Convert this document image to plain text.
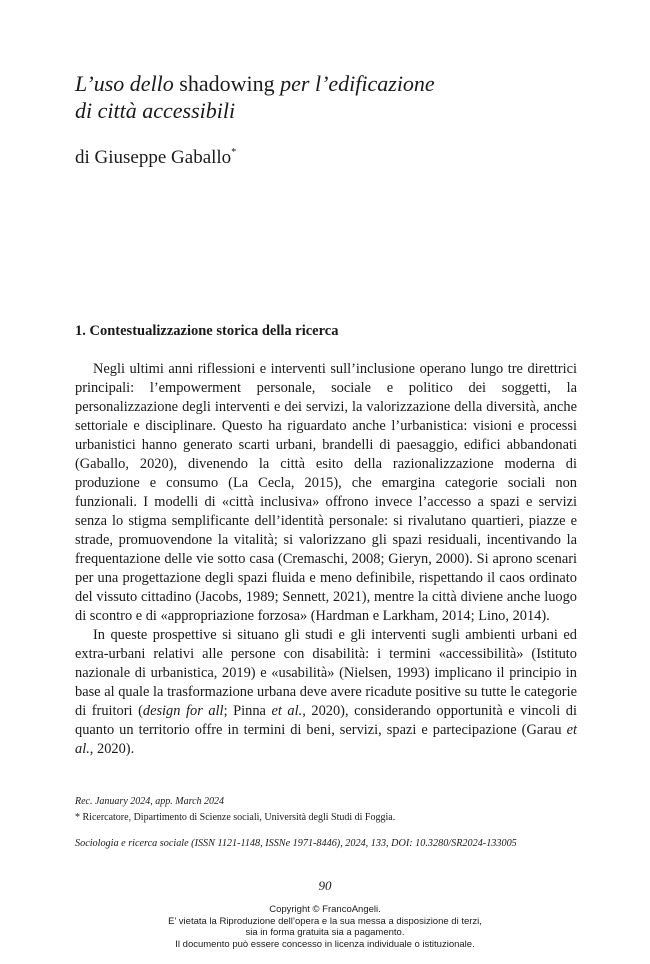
L’uso dello shadowing per l’edificazione
di città accessibili
di Giuseppe Gaballo*
1. Contestualizzazione storica della ricerca

Negli ultimi anni riflessioni e interventi sull’inclusione operano lungo tre direttrici principali: l’empowerment personale, sociale e politico dei soggetti, la personalizzazione degli interventi e dei servizi, la valorizzazione della diversità, anche settoriale e disciplinare. Questo ha riguardato anche l’urbanistica: visioni e processi urbanistici hanno generato scarti urbani, brandelli di paesaggio, edifici abbandonati (Gaballo, 2020), divenendo la città esito della razionalizzazione moderna di produzione e consumo (La Cecla, 2015), che emargina categorie sociali non funzionali. I modelli di «città inclusiva» offrono invece l’accesso a spazi e servizi senza lo stigma semplificante dell’identità personale: si rivalutano quartieri, piazze e strade, promuovendone la vitalità; si valorizzano gli spazi residuali, incentivando la frequentazione delle vie sotto casa (Cremaschi, 2008; Gieryn, 2000). Si aprono scenari per una progettazione degli spazi fluida e meno definibile, rispettando il caos ordinato del vissuto cittadino (Jacobs, 1989; Sennett, 2021), mentre la città diviene anche luogo di scontro e di «appropriazione forzosa» (Hardman e Larkham, 2014; Lino, 2014).

In queste prospettive si situano gli studi e gli interventi sugli ambienti urbani ed extra-urbani relativi alle persone con disabilità: i termini «accessibilità» (Istituto nazionale di urbanistica, 2019) e «usabilità» (Nielsen, 1993) implicano il principio in base al quale la trasformazione urbana deve avere ricadute positive su tutte le categorie di fruitori (design for all; Pinna et al., 2020), considerando opportunità e vincoli di quanto un territorio offre in termini di beni, servizi, spazi e partecipazione (Garau et al., 2020).

Rec. January 2024, app. March 2024
* Ricercatore, Dipartimento di Scienze sociali, Università degli Studi di Foggia.
Sociologia e ricerca sociale (ISSN 1121-1148, ISSNe 1971-8446), 2024, 133, DOI: 10.3280/SR2024-133005
90
Copyright © FrancoAngeli.
E’ vietata la Riproduzione dell’opera e la sua messa a disposizione di terzi,
sia in forma gratuita sia a pagamento.
Il documento può essere concesso in licenza individuale o istituzionale.
